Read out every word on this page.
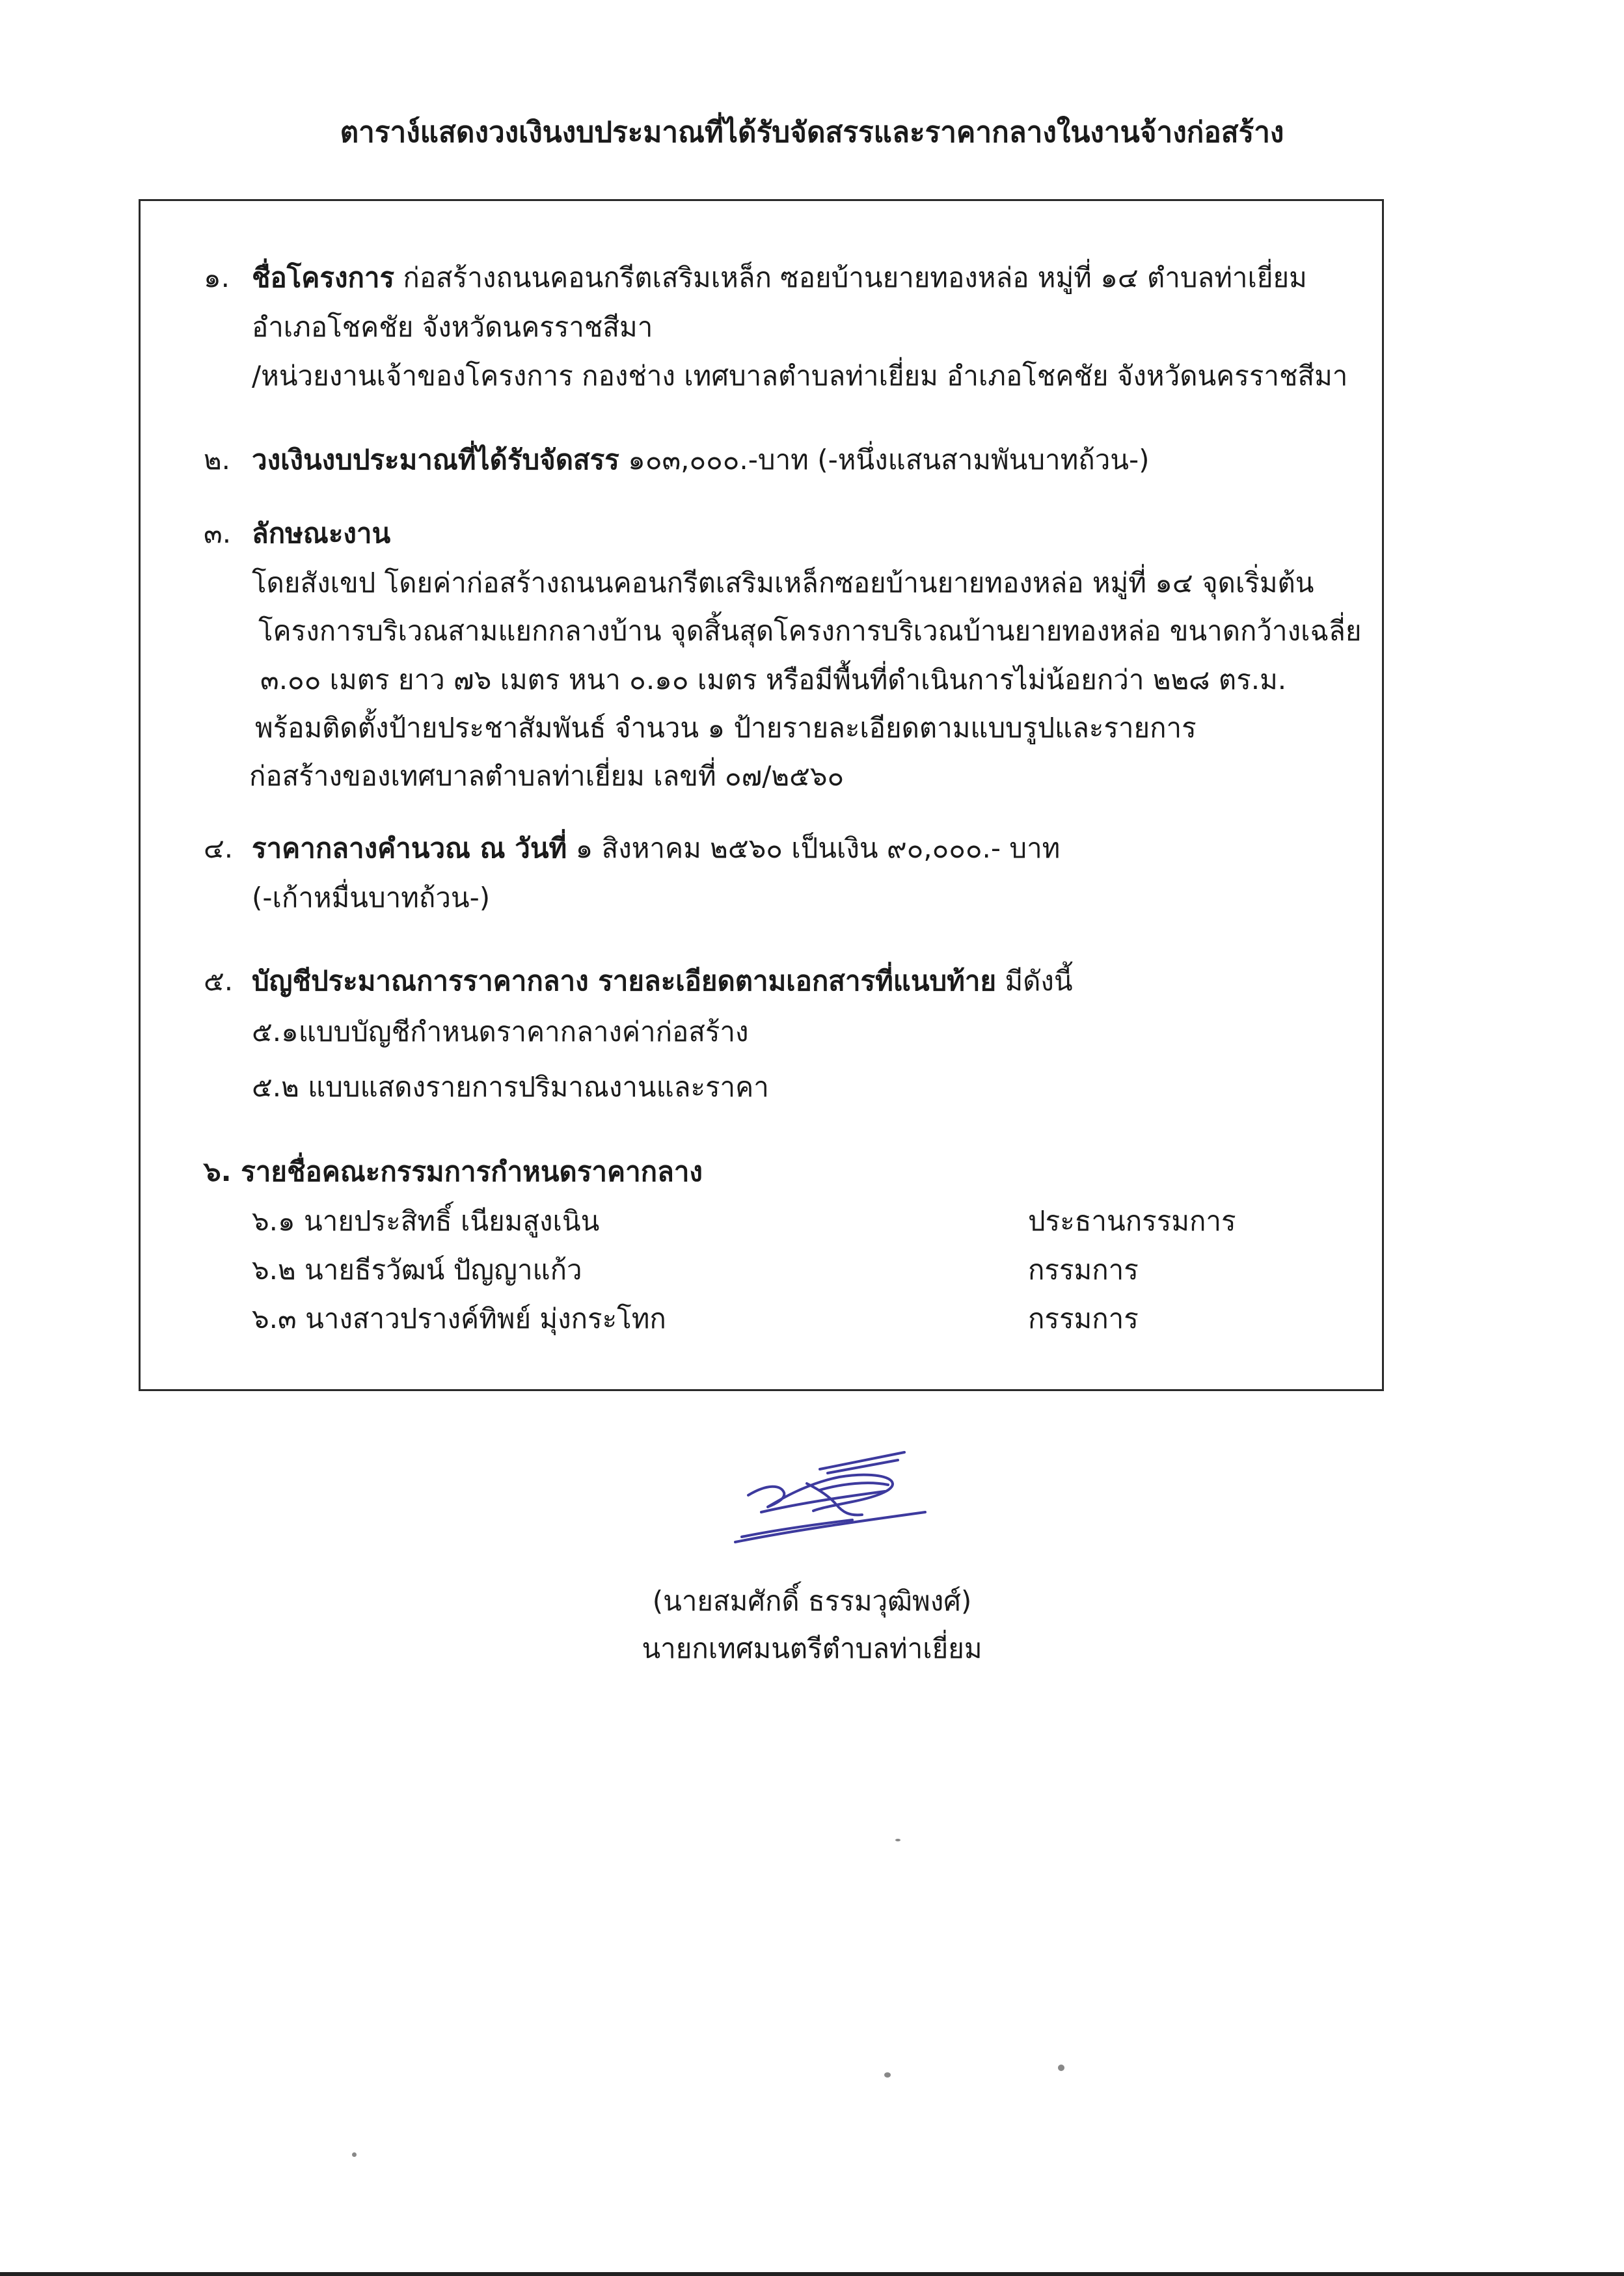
ตาราง์แสดงวงเงินงบประมาณที่ได้รับจัดสรรและราคากลางในงานจ้างก่อสร้าง
๑. ชื่อโครงการ ก่อสร้างถนนคอนกรีตเสริมเหล็ก ซอยบ้านยายทองหล่อ หมู่ที่ ๑๔ ตำบลท่าเยี่ยม
อำเภอโชคชัย จังหวัดนครราชสีมา
/หน่วยงานเจ้าของโครงการ กองช่าง เทศบาลตำบลท่าเยี่ยม อำเภอโชคชัย จังหวัดนครราชสีมา
๒. วงเงินงบประมาณที่ได้รับจัดสรร ๑๐๓,๐๐๐.-บาท (-หนึ่งแสนสามพันบาทถ้วน-)
๓. ลักษณะงาน
โดยสังเขป โดยค่าก่อสร้างถนนคอนกรีตเสริมเหล็กซอยบ้านยายทองหล่อ หมู่ที่ ๑๔ จุดเริ่มต้น
โครงการบริเวณสามแยกกลางบ้าน จุดสิ้นสุดโครงการบริเวณบ้านยายทองหล่อ ขนาดกว้างเฉลี่ย
๓.๐๐ เมตร ยาว ๗๖ เมตร หนา ๐.๑๐ เมตร หรือมีพื้นที่ดำเนินการไม่น้อยกว่า ๒๒๘ ตร.ม.
พร้อมติดตั้งป้ายประชาสัมพันธ์ จำนวน ๑ ป้ายรายละเอียดตามแบบรูปและรายการ
ก่อสร้างของเทศบาลตำบลท่าเยี่ยม เลขที่ ๐๗/๒๕๖๐
๔. ราคากลางคำนวณ ณ วันที่ ๑ สิงหาคม ๒๕๖๐ เป็นเงิน ๙๐,๐๐๐.- บาท
(-เก้าหมื่นบาทถ้วน-)
๕. บัญชีประมาณการราคากลาง รายละเอียดตามเอกสารที่แนบท้าย มีดังนี้
๕.๑แบบบัญชีกำหนดราคากลางค่าก่อสร้าง
๕.๒ แบบแสดงรายการปริมาณงานและราคา
๖. รายชื่อคณะกรรมการกำหนดราคากลาง
๖.๑ นายประสิทธิ์ เนียมสูงเนิน	ประธานกรรมการ
๖.๒ นายธีรวัฒน์ ปัญญาแก้ว	กรรมการ
๖.๓ นางสาวปรางค์ทิพย์ มุ่งกระโทก	กรรมการ
(นายสมศักดิ์ ธรรมวุฒิพงศ์)
นายกเทศมนตรีตำบลท่าเยี่ยม
